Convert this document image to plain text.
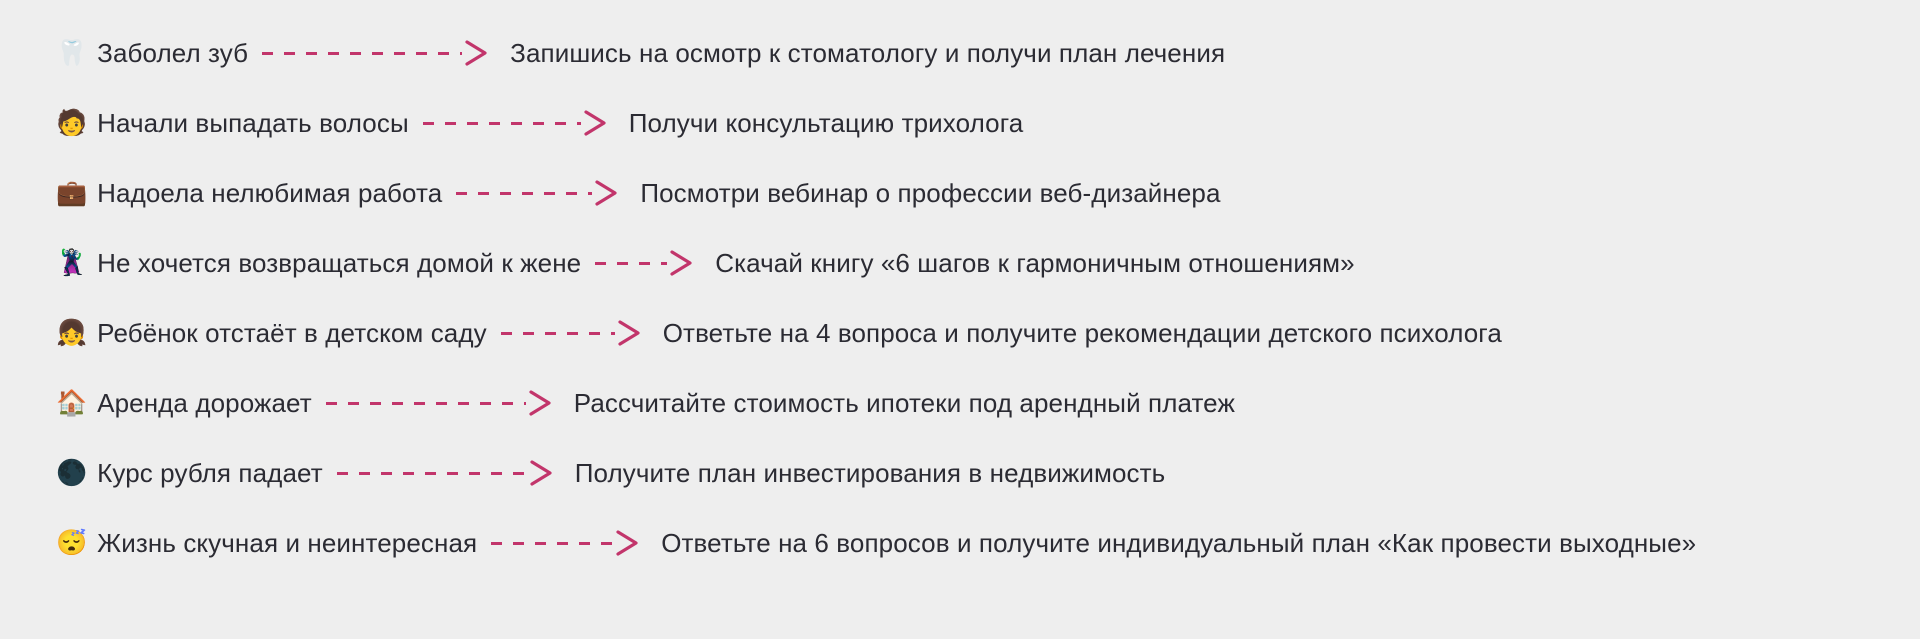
🦷 Заболел зуб	Запишись на осмотр к стоматологу и получи план лечения
🧑 Начали выпадать волосы	Получи консультацию трихолога
💼 Надоела нелюбимая работа	Посмотри вебинар о профессии веб-дизайнера
🦹 Не хочется возвращаться домой к жене	Скачай книгу «6 шагов к гармоничным отношениям»
👧 Ребёнок отстаёт в детском саду	Ответьте на 4 вопроса и получите рекомендации детского психолога
🏠 Аренда дорожает	Рассчитайте стоимость ипотеки под арендный платеж
🌑 Курс рубля падает	Получите план инвестирования в недвижимость
😴 Жизнь скучная и неинтересная	Ответьте на 6 вопросов и получите индивидуальный план «Как провести выходные»
